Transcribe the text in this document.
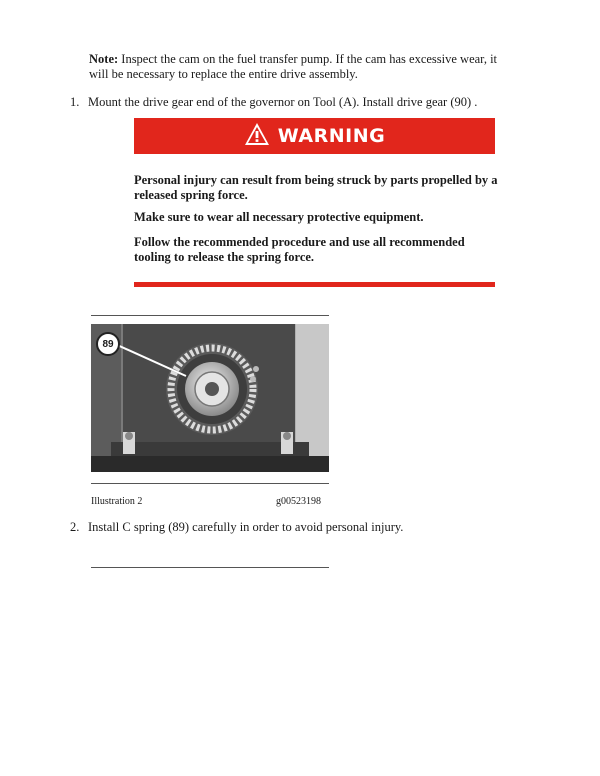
Note: Inspect the cam on the fuel transfer pump. If the cam has excessive wear, it will be necessary to replace the entire drive assembly.
1. Mount the drive gear end of the governor on Tool (A). Install drive gear (90) .
WARNING
Personal injury can result from being struck by parts propelled by a released spring force.
Make sure to wear all necessary protective equipment.
Follow the recommended procedure and use all recommended tooling to release the spring force.
89
Illustration 2	g00523198
2. Install C spring (89) carefully in order to avoid personal injury.
